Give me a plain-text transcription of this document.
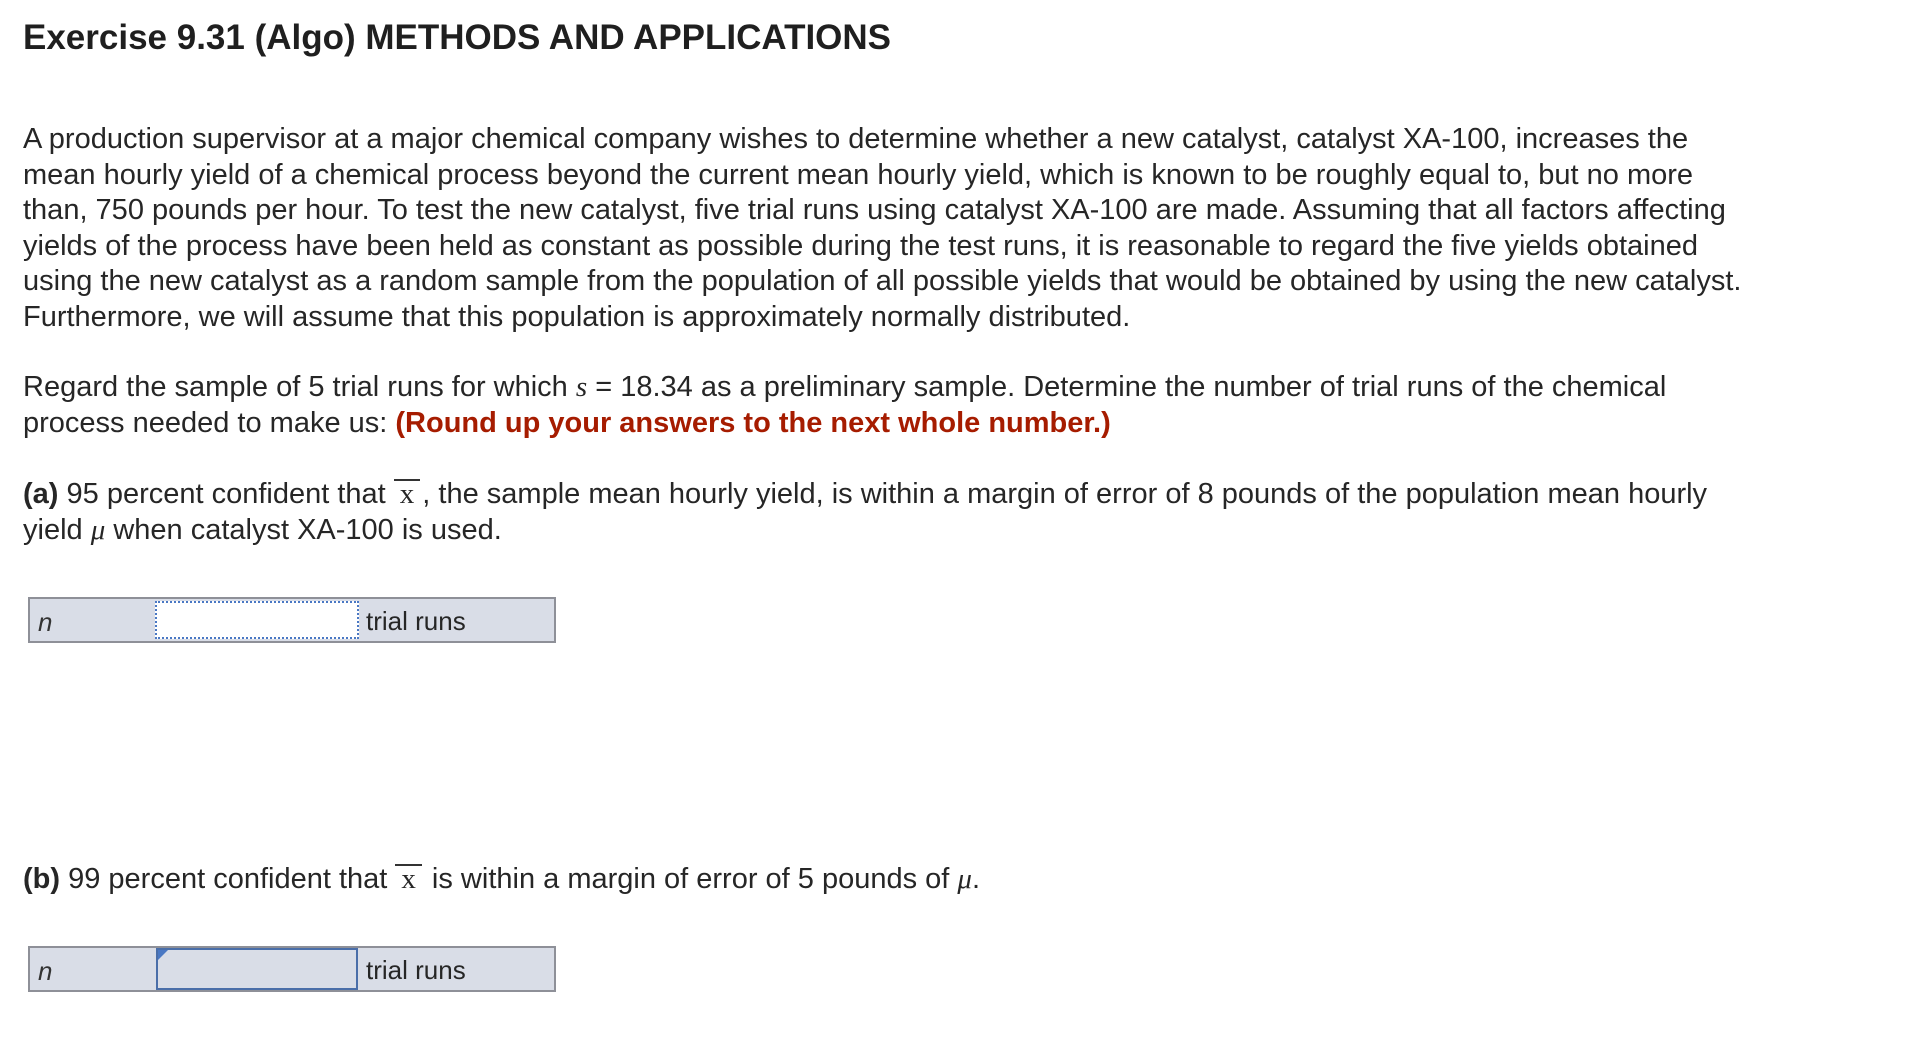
Exercise 9.31 (Algo) METHODS AND APPLICATIONS
A production supervisor at a major chemical company wishes to determine whether a new catalyst, catalyst XA-100, increases the
mean hourly yield of a chemical process beyond the current mean hourly yield, which is known to be roughly equal to, but no more
than, 750 pounds per hour. To test the new catalyst, five trial runs using catalyst XA-100 are made. Assuming that all factors affecting
yields of the process have been held as constant as possible during the test runs, it is reasonable to regard the five yields obtained
using the new catalyst as a random sample from the population of all possible yields that would be obtained by using the new catalyst.
Furthermore, we will assume that this population is approximately normally distributed.
Regard the sample of 5 trial runs for which s = 18.34 as a preliminary sample. Determine the number of trial runs of the chemical
process needed to make us: (Round up your answers to the next whole number.)
(a) 95 percent confident that x , the sample mean hourly yield, is within a margin of error of 8 pounds of the population mean hourly
yield μ when catalyst XA-100 is used.
n	trial runs
(b) 99 percent confident that x is within a margin of error of 5 pounds of μ.
n	trial runs
